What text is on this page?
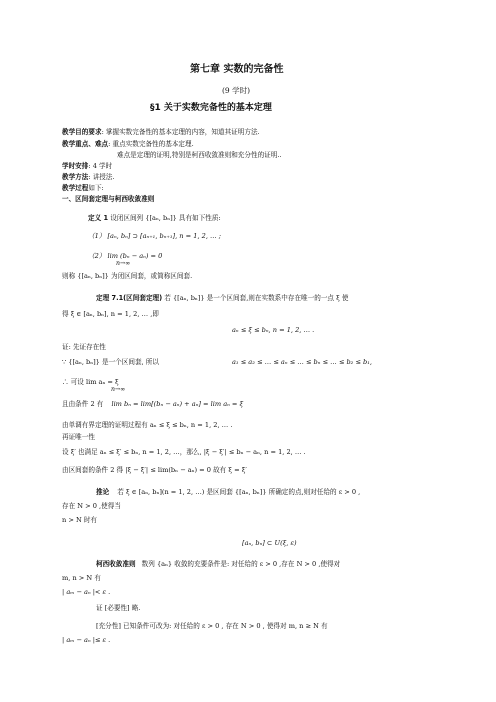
第七章 实数的完备性
(9 学时)
§1 关于实数完备性的基本定理
教学目的要求: 掌握实数完备性的基本定理的内容，知道其证明方法.
教学重点、难点: 重点实数完备性的基本定理.
难点是定理的证明,特别是柯西收敛准则和充分性的证明..
学时安排: 4 学时
教学方法: 讲授法.
教学过程如下:
一、区间套定理与柯西收敛准则
定义 1 设闭区间列 {[aₙ, bₙ]} 具有如下性质:
（1） [aₙ, bₙ] ⊃ [aₙ₊₁, bₙ₊₁], n = 1, 2, … ;
（2） lim (bₙ − aₙ) = 0
n→∞
则称 {[aₙ, bₙ]} 为闭区间套，或简称区间套.
定理 7.1(区间套定理) 若 {[aₙ, bₙ]} 是一个区间套,则在实数系中存在唯一的一点 ξ 使
得 ξ ∈ [aₙ, bₙ], n = 1, 2, … ,即
aₙ ≤ ξ ≤ bₙ, n = 1, 2, … .
证: 先证存在性
∵ {[aₙ, bₙ]} 是一个区间套, 所以	a₁ ≤ a₂ ≤ … ≤ aₙ ≤ … ≤ bₙ ≤ … ≤ b₂ ≤ b₁,
∴ 可设 lim aₙ = ξ
n→∞
且由条件 2 有 lim bₙ = lim[(bₙ − aₙ) + aₙ] = lim aₙ = ξ
由单调有界定理的证明过程有 aₙ ≤ ξ ≤ bₙ, n = 1, 2, … .
再证唯一性
设 ξ′ 也满足 aₙ ≤ ξ′ ≤ bₙ, n = 1, 2, …，那么, |ξ − ξ′| ≤ bₙ − aₙ, n = 1, 2, … .
由区间套的条件 2 得 |ξ − ξ′| ≤ lim(bₙ − aₙ) = 0 故有 ξ = ξ′
推论 若 ξ ∈ [aₙ, bₙ](n = 1, 2, …) 是区间套 {[aₙ, bₙ]} 所确定的点,则对任给的 ε > 0 ,
存在 N > 0 ,使得当
n > N 时有
[aₙ, bₙ] ⊂ U(ξ, ε)
柯西收敛准则 数列 {aₙ} 收敛的充要条件是: 对任给的 ε > 0 ,存在 N > 0 ,使得对
m, n > N 有
| aₘ − aₙ |< ε .
证 [必要性] 略.
[充分性] 已知条件可改为: 对任给的 ε > 0 , 存在 N > 0 , 使得对 m, n ≥ N 有
| aₘ − aₙ |≤ ε .
